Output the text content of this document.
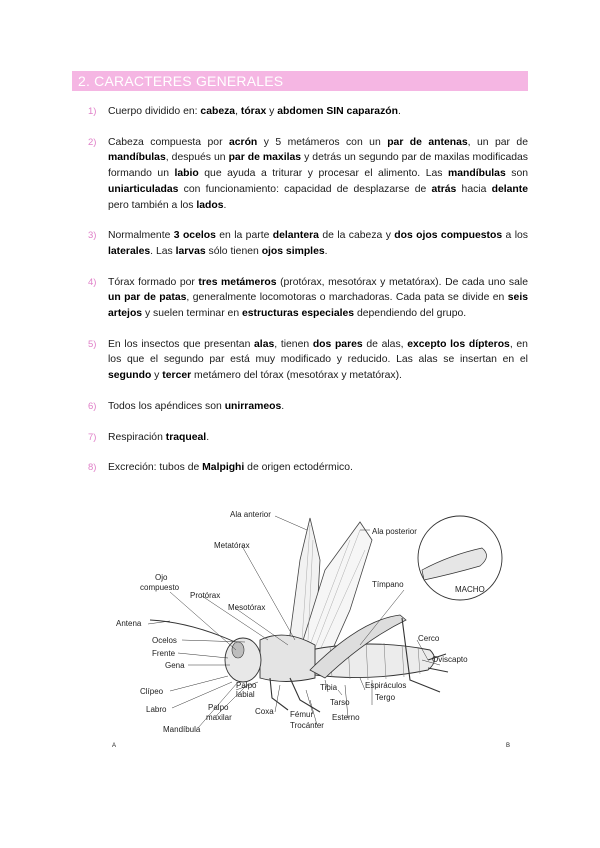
2. CARACTERES GENERALES
1) Cuerpo dividido en: cabeza, tórax y abdomen SIN caparazón.
2) Cabeza compuesta por acrón y 5 metámeros con un par de antenas, un par de mandíbulas, después un par de maxilas y detrás un segundo par de maxilas modificadas formando un labio que ayuda a triturar y procesar el alimento. Las mandíbulas son uniarticuladas con funcionamiento: capacidad de desplazarse de atrás hacia delante pero también a los lados.
3) Normalmente 3 ocelos en la parte delantera de la cabeza y dos ojos compuestos a los laterales. Las larvas sólo tienen ojos simples.
4) Tórax formado por tres metámeros (protórax, mesotórax y metatórax). De cada uno sale un par de patas, generalmente locomotoras o marchadoras. Cada pata se divide en seis artejos y suelen terminar en estructuras especiales dependiendo del grupo.
5) En los insectos que presentan alas, tienen dos pares de alas, excepto los dípteros, en los que el segundo par está muy modificado y reducido. Las alas se insertan en el segundo y tercer metámero del tórax (mesotórax y metatórax).
6) Todos los apéndices son unirrameos.
7) Respiración traqueal.
8) Excreción: tubos de Malpighi de origen ectodérmico.
Ala anterior
Ala posterior
Metatórax
Ojo
compuesto
Protórax
Mesotórax
Tímpano
MACHO
Antena
Ocelos
Frente
Gena
Cerco
Oviscapto
Clípeo
Palpo
labial
Tibia	Espiráculos
Labro	Palpo
maxilar
Coxa
Tarso
Tergo
Mandíbula
Fémur Esterno
Trocánter
A	B
